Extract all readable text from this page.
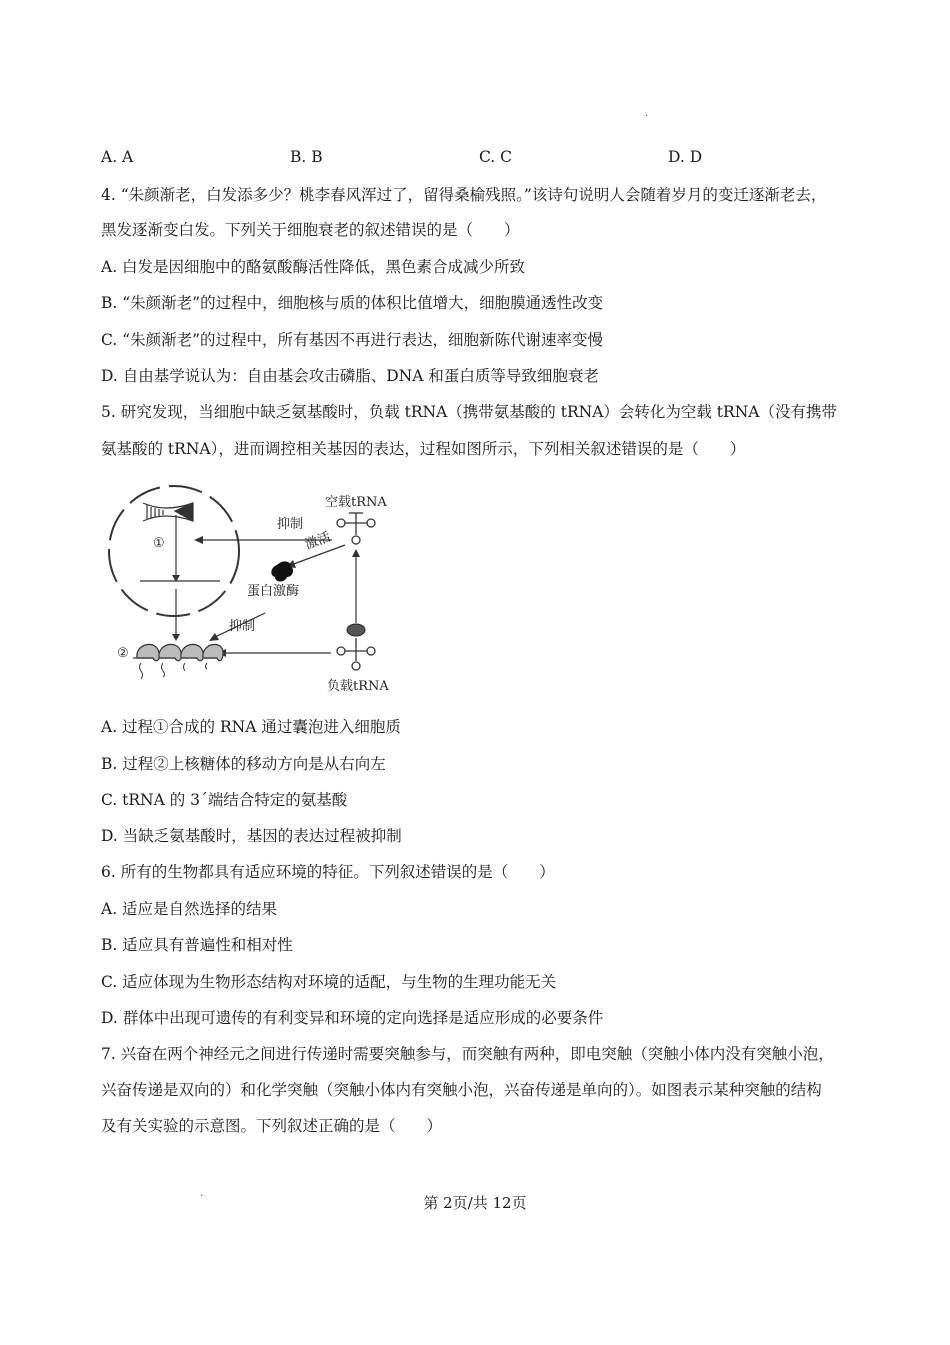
.
A. A	B. B	C. C	D. D
4. “朱颜渐老，白发添多少？桃李春风浑过了，留得桑榆残照。”该诗句说明人会随着岁月的变迁逐渐老去，
黑发逐渐变白发。下列关于细胞衰老的叙述错误的是（　　）
A. 白发是因细胞中的酪氨酸酶活性降低，黑色素合成减少所致
B. “朱颜渐老”的过程中，细胞核与质的体积比值增大，细胞膜通透性改变
C. “朱颜渐老”的过程中，所有基因不再进行表达，细胞新陈代谢速率变慢
D. 自由基学说认为：自由基会攻击磷脂、DNA 和蛋白质等导致细胞衰老
5. 研究发现，当细胞中缺乏氨基酸时，负载 tRNA（携带氨基酸的 tRNA）会转化为空载 tRNA（没有携带
氨基酸的 tRNA），进而调控相关基因的表达，过程如图所示，下列相关叙述错误的是（　　）
①
抑制
空载tRNA
激活
蛋白激酶
负载tRNA
抑制
②
A. 过程①合成的 RNA 通过囊泡进入细胞质
B. 过程②上核糖体的移动方向是从右向左
C. tRNA 的 3´端结合特定的氨基酸
D. 当缺乏氨基酸时，基因的表达过程被抑制
6. 所有的生物都具有适应环境的特征。下列叙述错误的是（　　）
A. 适应是自然选择的结果
B. 适应具有普遍性和相对性
C. 适应体现为生物形态结构对环境的适配，与生物的生理功能无关
D. 群体中出现可遗传的有利变异和环境的定向选择是适应形成的必要条件
7. 兴奋在两个神经元之间进行传递时需要突触参与，而突触有两种，即电突触（突触小体内没有突触小泡，
兴奋传递是双向的）和化学突触（突触小体内有突触小泡，兴奋传递是单向的）。如图表示某种突触的结构
及有关实验的示意图。下列叙述正确的是（　　）
.
第 2页/共 12页
